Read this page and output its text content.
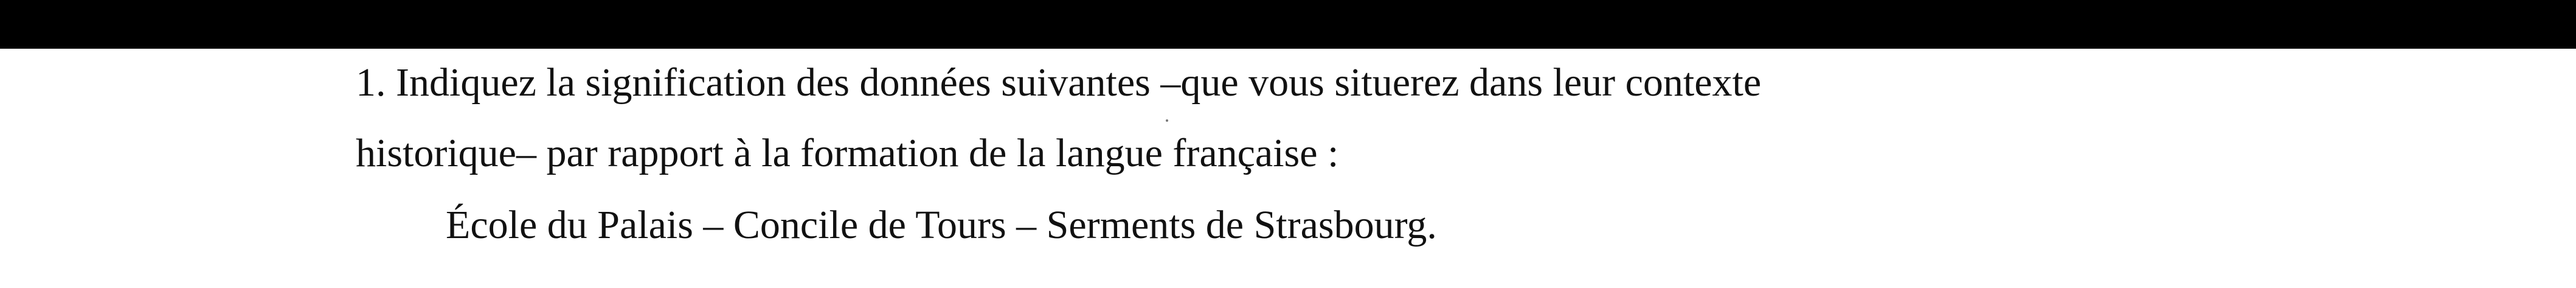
1. Indiquez la signification des données suivantes –que vous situerez dans leur contexte

historique– par rapport à la formation de la langue française :

École du Palais – Concile de Tours – Serments de Strasbourg.
